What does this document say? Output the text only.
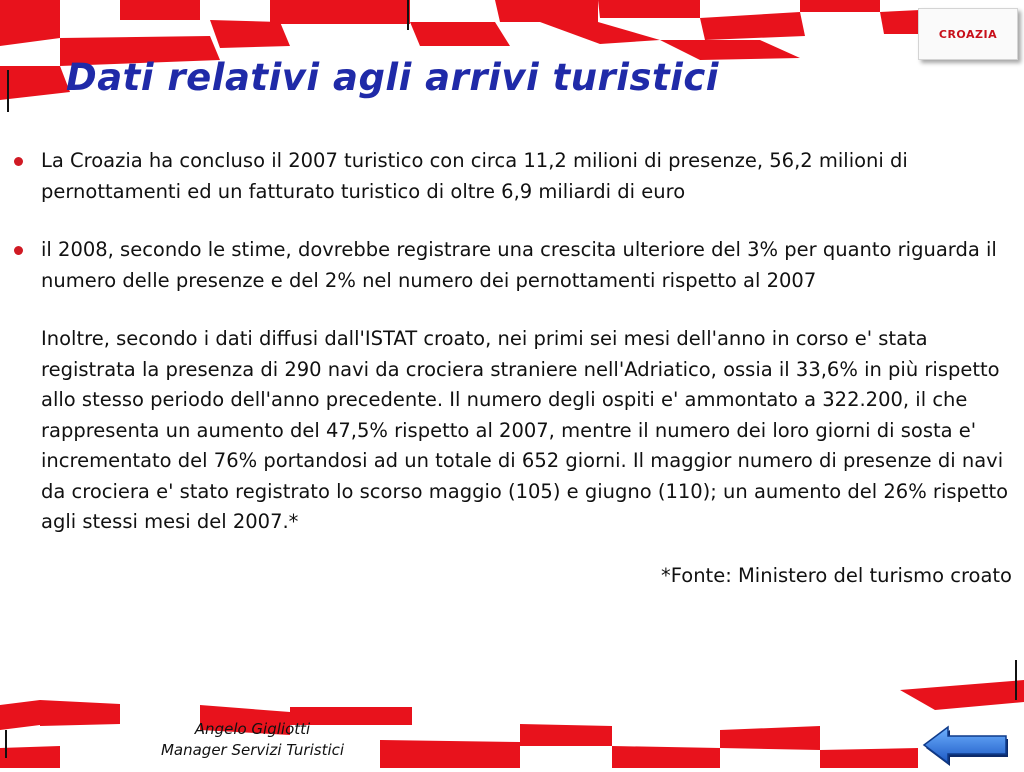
CROAZIA
Dati relativi agli arrivi turistici

La Croazia ha concluso il 2007 turistico con circa 11,2 milioni di presenze, 56,2 milioni di pernottamenti ed un fatturato turistico di oltre 6,9 miliardi di euro

il 2008, secondo le stime, dovrebbe registrare una crescita ulteriore del 3% per quanto riguarda il numero delle presenze e del 2% nel numero dei pernottamenti rispetto al 2007

Inoltre, secondo i dati diffusi dall'ISTAT croato, nei primi sei mesi dell'anno in corso e' stata registrata la presenza di 290 navi da crociera straniere nell'Adriatico, ossia il 33,6% in più rispetto allo stesso periodo dell'anno precedente. Il numero degli ospiti e' ammontato a 322.200, il che rappresenta un aumento del 47,5% rispetto al 2007, mentre il numero dei loro giorni di sosta e' incrementato del 76% portandosi ad un totale di 652 giorni. Il maggior numero di presenze di navi da crociera e' stato registrato lo scorso maggio (105) e giugno (110); un aumento del 26% rispetto agli stessi mesi del 2007.*

*Fonte: Ministero del turismo croato

Angelo Gigliotti
Manager Servizi Turistici
